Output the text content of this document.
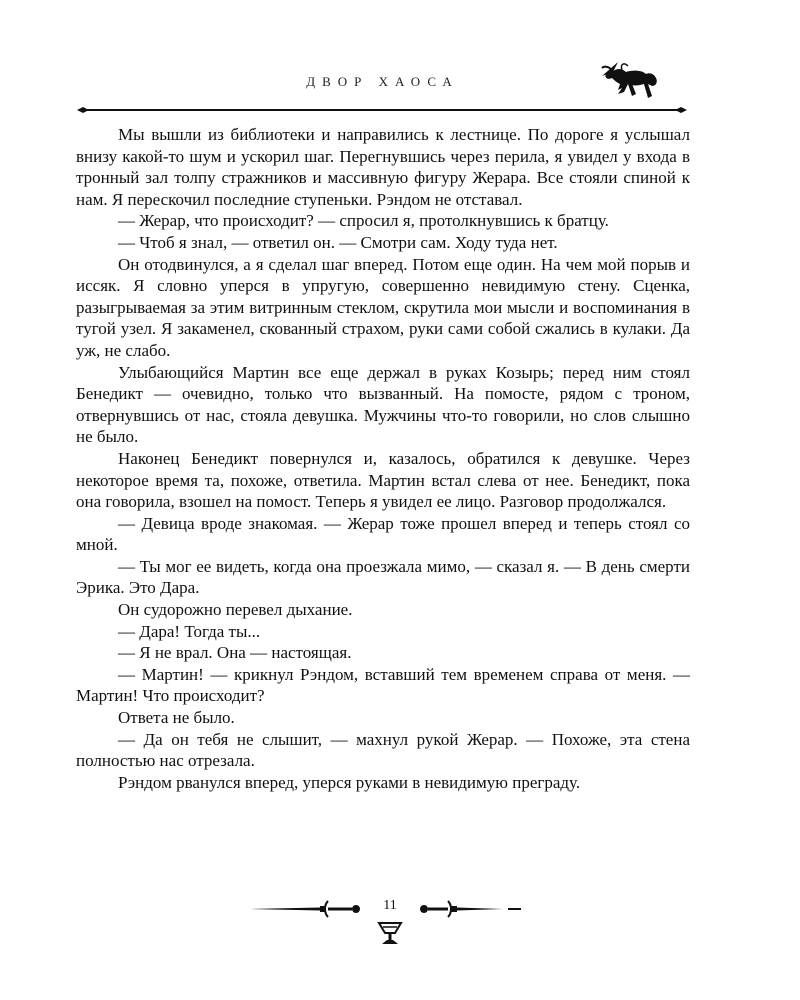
ДВОР ХАОСА

Мы вышли из библиотеки и направились к лестнице. По дороге я услышал внизу какой-то шум и ускорил шаг. Перегнувшись через перила, я увидел у входа в тронный зал толпу стражников и массивную фигуру Жерара. Все стояли спиной к нам. Я перескочил последние ступеньки. Рэндом не отставал.

— Жерар, что происходит? — спросил я, протолкнувшись к братцу.

— Чтоб я знал, — ответил он. — Смотри сам. Ходу туда нет.

Он отодвинулся, а я сделал шаг вперед. Потом еще один. На чем мой порыв и иссяк. Я словно уперся в упругую, совершенно невидимую стену. Сценка, разыгрываемая за этим витринным стеклом, скрутила мои мысли и воспоминания в тугой узел. Я закаменел, скованный страхом, руки сами собой сжались в кулаки. Да уж, не слабо.

Улыбающийся Мартин все еще держал в руках Козырь; перед ним стоял Бенедикт — очевидно, только что вызванный. На помосте, рядом с троном, отвернувшись от нас, стояла девушка. Мужчины что-то говорили, но слов слышно не было.

Наконец Бенедикт повернулся и, казалось, обратился к девушке. Через некоторое время та, похоже, ответила. Мартин встал слева от нее. Бенедикт, пока она говорила, взошел на помост. Теперь я увидел ее лицо. Разговор продолжался.

— Девица вроде знакомая. — Жерар тоже прошел вперед и теперь стоял со мной.

— Ты мог ее видеть, когда она проезжала мимо, — сказал я. — В день смерти Эрика. Это Дара.

Он судорожно перевел дыхание.

— Дара! Тогда ты...

— Я не врал. Она — настоящая.

— Мартин! — крикнул Рэндом, вставший тем временем справа от меня. — Мартин! Что происходит?

Ответа не было.

— Да он тебя не слышит, — махнул рукой Жерар. — Похоже, эта стена полностью нас отрезала.

Рэндом рванулся вперед, уперся руками в невидимую преграду.

11
